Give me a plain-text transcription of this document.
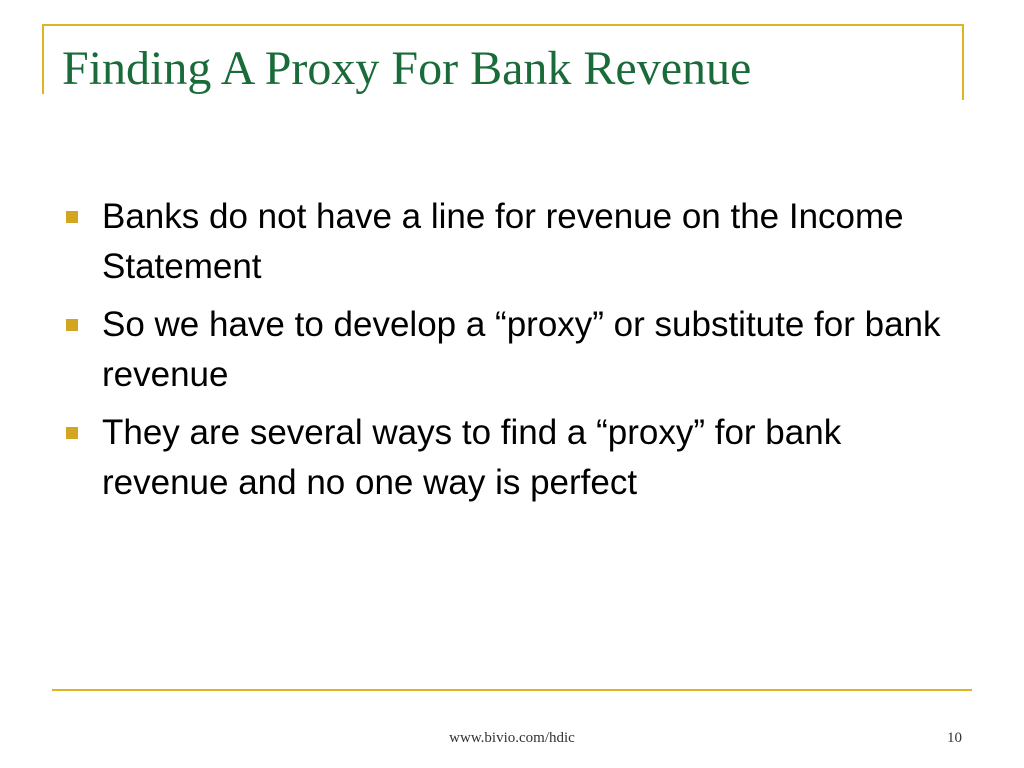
Finding A Proxy For Bank Revenue
Banks do not have a line for revenue on the Income Statement
So we have to develop a “proxy” or substitute for bank revenue
They are several ways to find a “proxy” for bank revenue and no one way is perfect
www.bivio.com/hdic	10
